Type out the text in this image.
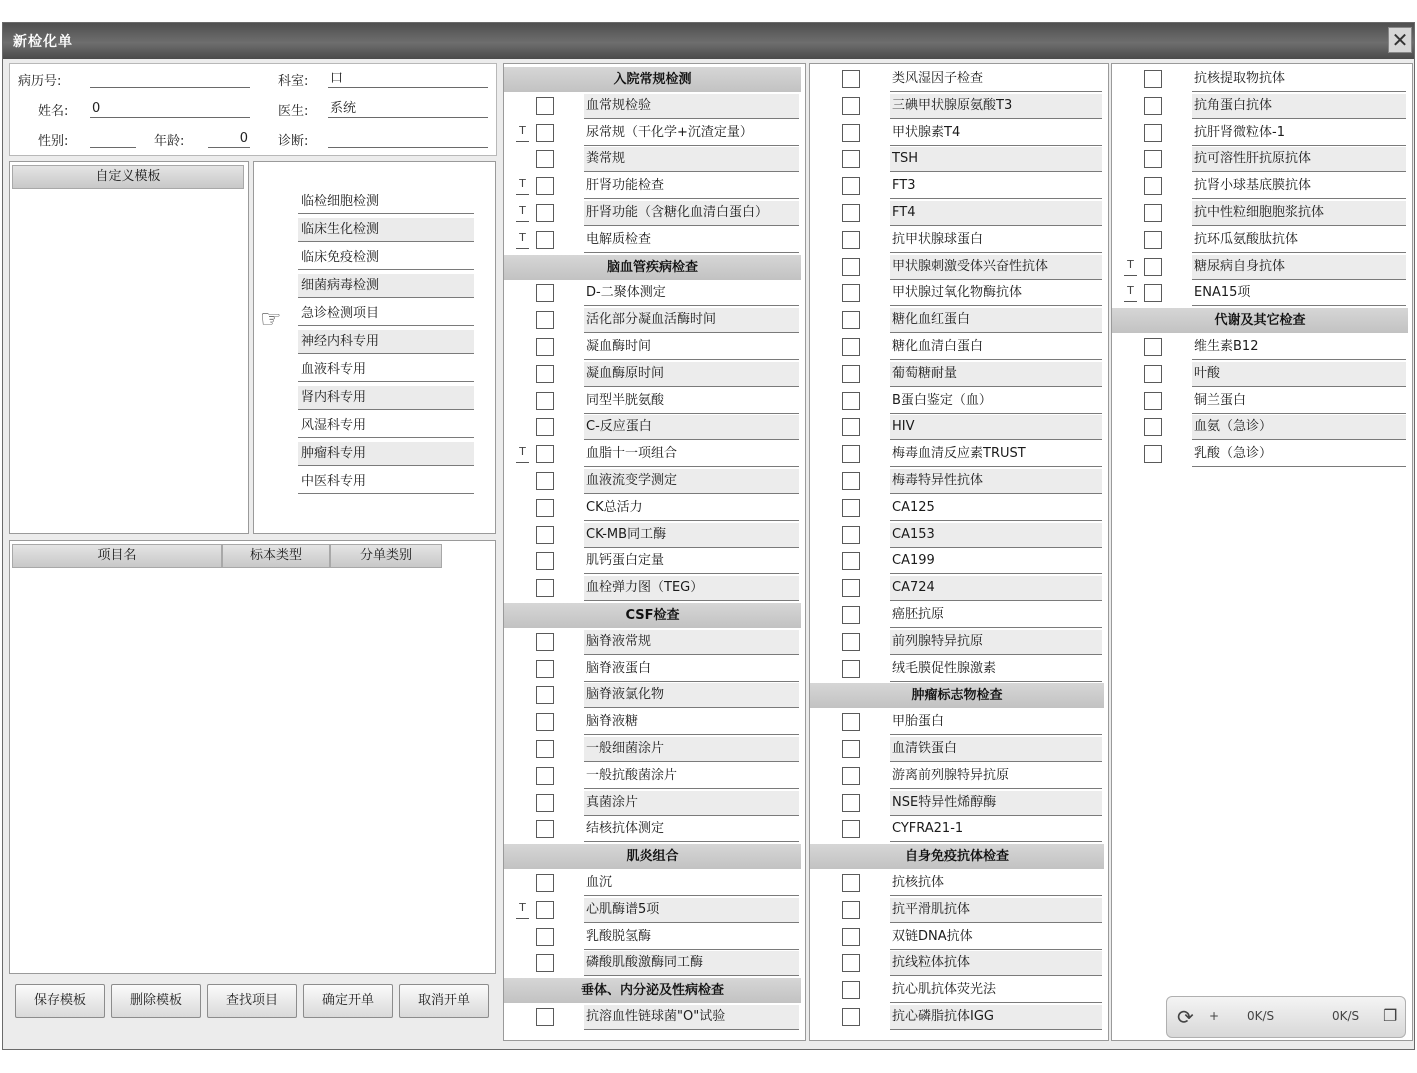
新检化单	✕
病历号:	科室: 口
姓名: 0	医生: 系统
性别:	年龄:	0 诊断:
自定义模板
☞
临检细胞检测
临床生化检测
临床免疫检测
细菌病毒检测
急诊检测项目
神经内科专用
血液科专用
肾内科专用
风湿科专用
肿瘤科专用
中医科专用
项目名	标本类型	分单类别
保存模板	删除模板	查找项目	确定开单	取消开单
入院常规检测
血常规检验
T	尿常规（干化学+沉渣定量）
粪常规
T	肝肾功能检查
T	肝肾功能（含糖化血清白蛋白）
T	电解质检查
脑血管疾病检查
D-二聚体测定
活化部分凝血活酶时间
凝血酶时间
凝血酶原时间
同型半胱氨酸
C-反应蛋白
T	血脂十一项组合
血液流变学测定
CK总活力
CK-MB同工酶
肌钙蛋白定量
血栓弹力图（TEG）
CSF检查
脑脊液常规
脑脊液蛋白
脑脊液氯化物
脑脊液糖
一般细菌涂片
一般抗酸菌涂片
真菌涂片
结核抗体测定
肌炎组合
血沉
T	心肌酶谱5项
乳酸脱氢酶
磷酸肌酸激酶同工酶
垂体、内分泌及性病检查
抗溶血性链球菌"O"试验
类风湿因子检查
三碘甲状腺原氨酸T3
甲状腺素T4
TSH
FT3
FT4
抗甲状腺球蛋白
甲状腺刺激受体兴奋性抗体
甲状腺过氧化物酶抗体
糖化血红蛋白
糖化血清白蛋白
葡萄糖耐量
B蛋白鉴定（血）
HIV
梅毒血清反应素TRUST
梅毒特异性抗体
CA125
CA153
CA199
CA724
癌胚抗原
前列腺特异抗原
绒毛膜促性腺激素
肿瘤标志物检查
甲胎蛋白
血清铁蛋白
游离前列腺特异抗原
NSE特异性烯醇酶
CYFRA21-1
自身免疫抗体检查
抗核抗体
抗平滑肌抗体
双链DNA抗体
抗线粒体抗体
抗心肌抗体荧光法
抗心磷脂抗体IGG
抗核提取物抗体
抗角蛋白抗体
抗肝肾微粒体-1
抗可溶性肝抗原抗体
抗肾小球基底膜抗体
抗中性粒细胞胞浆抗体
抗环瓜氨酸肽抗体
T	糖尿病自身抗体
T	ENA15项
代谢及其它检查
维生素B12
叶酸
铜兰蛋白
血氨（急诊）
乳酸（急诊）
⟳ + 0K/S	0K/S ❐
